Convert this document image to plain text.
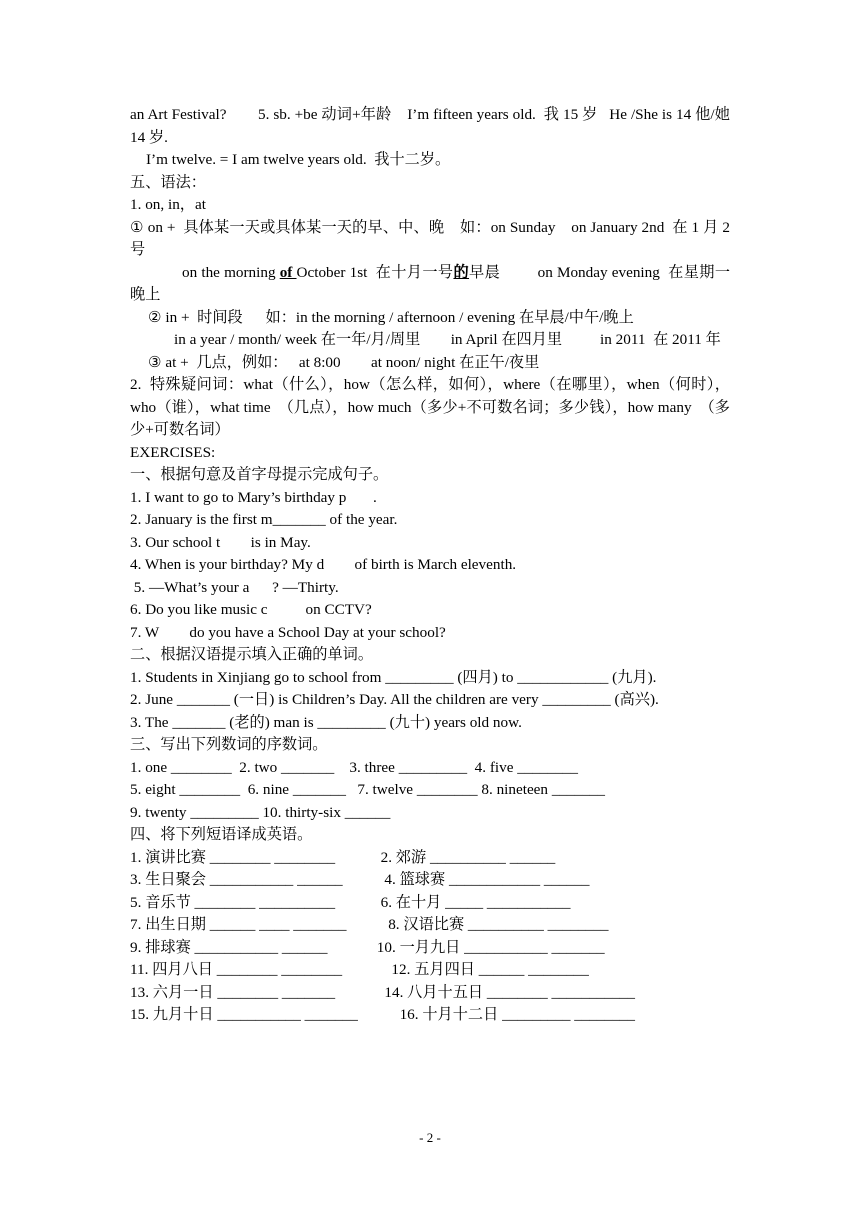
an Art Festival?        5. sb. +be 动词+年龄    I’m fifteen years old.  我 15 岁   He /She is 14 他/她 14 岁.

I’m twelve. = I am twelve years old.  我十二岁。

五、语法：

1. on, in，at

① on +  具体某一天或具体某一天的早、中、晚    如：on Sunday    on January 2nd  在 1 月 2 号

on the morning of October 1st  在十月一号的早晨         on Monday evening  在星期一晚上

② in +  时间段      如：in the morning / afternoon / evening 在早晨/中午/晚上

in a year / month/ week 在一年/月/周里        in April 在四月里          in 2011  在 2011 年

③ at +  几点，例如：   at 8:00        at noon/ night 在正午/夜里

2.  特殊疑问词：what（什么），how（怎么样，如何），where（在哪里），when（何时），who（谁），what time  （几点），how much（多少+不可数名词；多少钱），how many  （多少+可数名词）

EXERCISES:

一、根据句意及首字母提示完成句子。

1. I want to go to Mary’s birthday p       .

2. January is the first m_______ of the year.

3. Our school t        is in May.

4. When is your birthday? My d        of birth is March eleventh.

5. —What’s your a      ? —Thirty.

6. Do you like music c          on CCTV?

7. W        do you have a School Day at your school?

二、根据汉语提示填入正确的单词。

1. Students in Xinjiang go to school from _________ (四月) to ____________ (九月).

2. June _______ (一日) is Children’s Day. All the children are very _________ (高兴).

3. The _______ (老的) man is _________ (九十) years old now.

三、写出下列数词的序数词。

1. one ________  2. two _______    3. three _________  4. five ________

5. eight ________  6. nine _______   7. twelve ________ 8. nineteen _______

9. twenty _________ 10. thirty-six ______

四、将下列短语译成英语。

1. 演讲比赛 ________ ________            2. 郊游 __________ ______

3. 生日聚会 ___________ ______           4. 篮球赛 ____________ ______

5. 音乐节 ________ __________            6. 在十月 _____ ___________

7. 出生日期 ______ ____ _______           8. 汉语比赛 __________ ________

9. 排球赛 ___________ ______             10. 一月九日 ___________ _______

11. 四月八日 ________ ________             12. 五月四日 ______ ________

13. 六月一日 ________ _______             14. 八月十五日 ________ ___________

15. 九月十日 ___________ _______           16. 十月十二日 _________ ________

- 2 -
